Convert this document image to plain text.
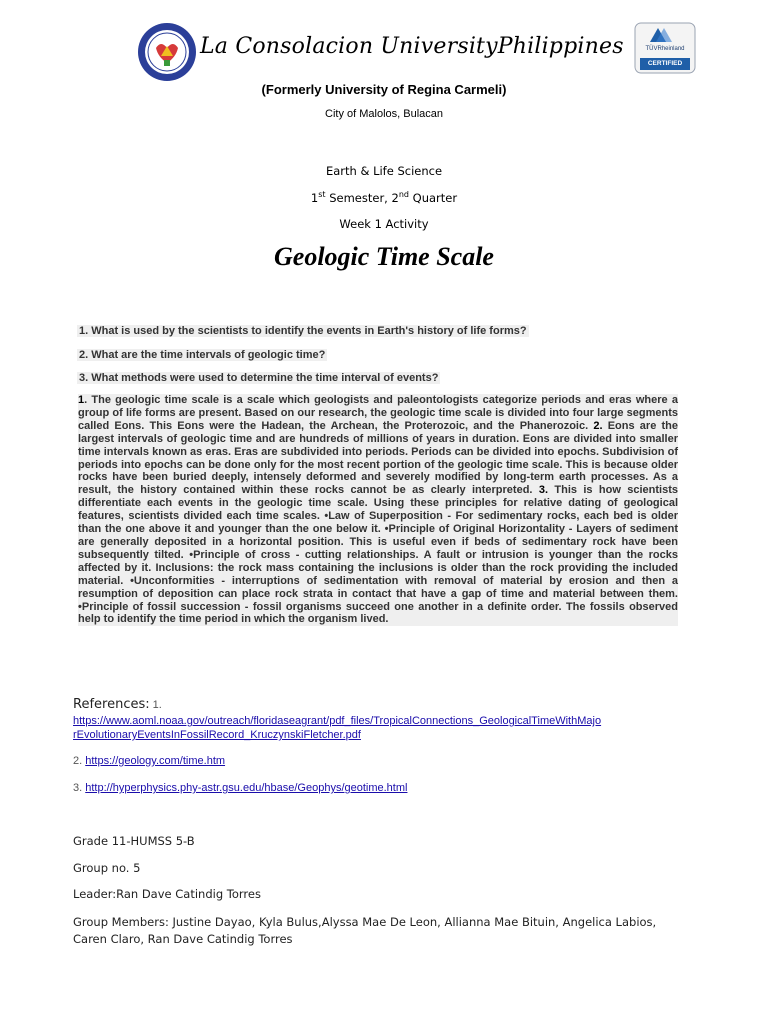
La Consolacion UniversityPhilippines	TÜVRheinland
CERTIFIED
(Formerly University of Regina Carmeli)
City of Malolos, Bulacan
Earth & Life Science
1st Semester, 2nd Quarter
Week 1 Activity
Geologic Time Scale
1. What is used by the scientists to identify the events in Earth's history of life forms?
2. What are the time intervals of geologic time?
3. What methods were used to determine the time interval of events?
1. The geologic time scale is a scale which geologists and paleontologists categorize periods and eras where a group of life forms are present. Based on our research, the geologic time scale is divided into four large segments called Eons. This Eons were the Hadean, the Archean, the Proterozoic, and the Phanerozoic. 2. Eons are the largest intervals of geologic time and are hundreds of millions of years in duration. Eons are divided into smaller time intervals known as eras. Eras are subdivided into periods. Periods can be divided into epochs. Subdivision of periods into epochs can be done only for the most recent portion of the geologic time scale. This is because older rocks have been buried deeply, intensely deformed and severely modified by long-term earth processes. As a result, the history contained within these rocks cannot be as clearly interpreted. 3. This is how scientists differentiate each events in the geologic time scale. Using these principles for relative dating of geological features, scientists divided each time scales. •Law of Superposition - For sedimentary rocks, each bed is older than the one above it and younger than the one below it. •Principle of Original Horizontality - Layers of sediment are generally deposited in a horizontal position. This is useful even if beds of sedimentary rock have been subsequently tilted. •Principle of cross - cutting relationships. A fault or intrusion is younger than the rocks affected by it. Inclusions: the rock mass containing the inclusions is older than the rock providing the included material. •Unconformities - interruptions of sedimentation with removal of material by erosion and then a resumption of deposition can place rock strata in contact that have a gap of time and material between them. •Principle of fossil succession - fossil organisms succeed one another in a definite order. The fossils observed help to identify the time period in which the organism lived.
References: 1.
https://www.aoml.noaa.gov/outreach/floridaseagrant/pdf_files/TropicalConnections_GeologicalTimeWithMajo
rEvolutionaryEventsInFossilRecord_KruczynskiFletcher.pdf
2. https://geology.com/time.htm
3. http://hyperphysics.phy-astr.gsu.edu/hbase/Geophys/geotime.html
Grade 11-HUMSS 5-B
Group no. 5
Leader:Ran Dave Catindig Torres
Group Members: Justine Dayao, Kyla Bulus,Alyssa Mae De Leon, Allianna Mae Bituin, Angelica Labios, Caren Claro, Ran Dave Catindig Torres
